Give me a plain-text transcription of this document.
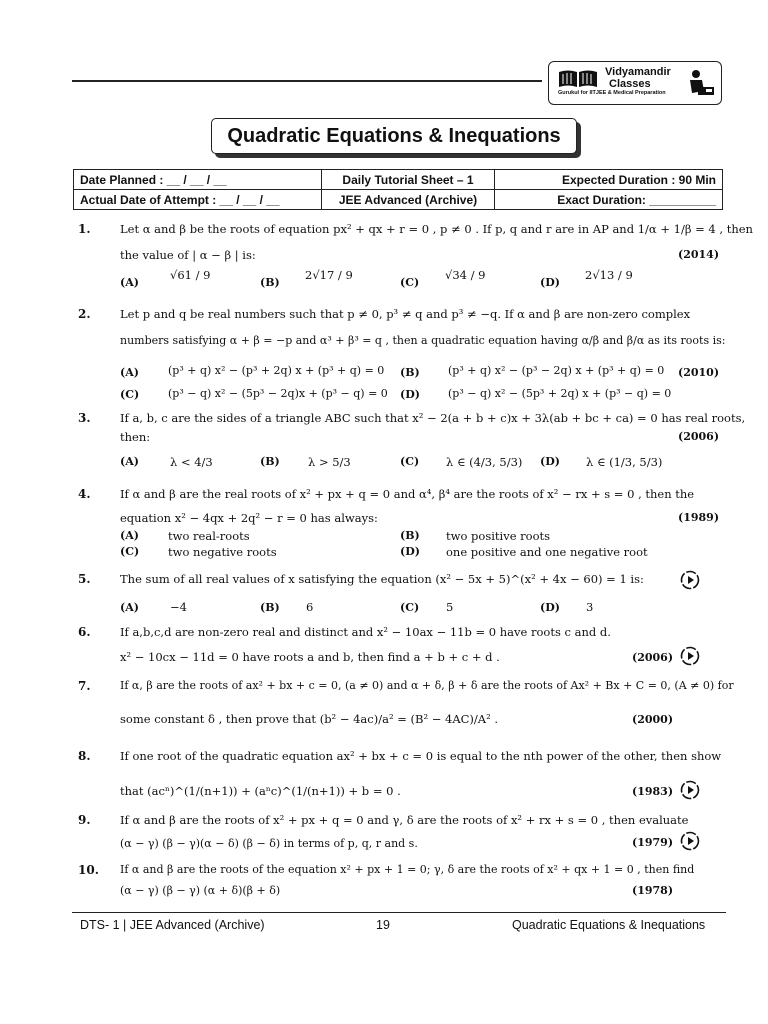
Vidyamandir
Classes
Gurukul for IITJEE & Medical Preparation
Quadratic Equations & Inequations
Date Planned : __ / __ / __	Daily Tutorial Sheet – 1	Expected Duration : 90 Min
Actual Date of Attempt : __ / __ / __	JEE Advanced (Archive)	Exact Duration: __________
1.	Let α and β be the roots of equation px² + qx + r = 0 , p ≠ 0 . If p, q and r are in AP and 1/α + 1/β = 4 , then
the value of | α − β | is:	(2014)
(A)
√61 / 9
(B)
2√17 / 9
(C)
√34 / 9
(D)
2√13 / 9
2.	Let p and q be real numbers such that p ≠ 0, p³ ≠ q and p³ ≠ −q. If α and β are non-zero complex
numbers satisfying α + β = −p and α³ + β³ = q , then a quadratic equation having α/β and β/α as its roots is:
(A)	(p³ + q) x² − (p³ + 2q) x + (p³ + q) = 0 (B)	(p³ + q) x² − (p³ − 2q) x + (p³ + q) = 0 (2010)
(C)	(p³ − q) x² − (5p³ − 2q)x + (p³ − q) = 0 (D)	(p³ − q) x² − (5p³ + 2q) x + (p³ − q) = 0
3.	If a, b, c are the sides of a triangle ABC such that x² − 2(a + b + c)x + 3λ(ab + bc + ca) = 0 has real roots,
then:	(2006)
(A)	λ < 4/3	(B) λ > 5/3	(C) λ ∈ (4/3, 5/3) (D) λ ∈ (1/3, 5/3)
4.	If α and β are the real roots of x² + px + q = 0 and α⁴, β⁴ are the roots of x² − rx + s = 0 , then the
equation x² − 4qx + 2q² − r = 0 has always:	(1989)
(A)	two real-roots	(B) two positive roots
(C)	two negative roots	(D) one positive and one negative root
5.	The sum of all real values of x satisfying the equation (x² − 5x + 5)^(x² + 4x − 60) = 1 is:
(A)	−4	(B) 6	(C) 5	(D) 3
6.	If a,b,c,d are non-zero real and distinct and x² − 10ax − 11b = 0 have roots c and d.
x² − 10cx − 11d = 0 have roots a and b, then find a + b + c + d .	(2006)
7.	If α, β are the roots of ax² + bx + c = 0, (a ≠ 0) and α + δ, β + δ are the roots of Ax² + Bx + C = 0, (A ≠ 0) for
some constant δ , then prove that (b² − 4ac)/a² = (B² − 4AC)/A² .	(2000)
8.	If one root of the quadratic equation ax² + bx + c = 0 is equal to the nth power of the other, then show
that (acⁿ)^(1/(n+1)) + (aⁿc)^(1/(n+1)) + b = 0 .	(1983)
9.	If α and β are the roots of x² + px + q = 0 and γ, δ are the roots of x² + rx + s = 0 , then evaluate
(α − γ) (β − γ)(α − δ) (β − δ) in terms of p, q, r and s.	(1979)
10. If α and β are the roots of the equation x² + px + 1 = 0; γ, δ are the roots of x² + qx + 1 = 0 , then find
(α − γ) (β − γ) (α + δ)(β + δ)	(1978)
DTS- 1 | JEE Advanced (Archive)	19	Quadratic Equations & Inequations
